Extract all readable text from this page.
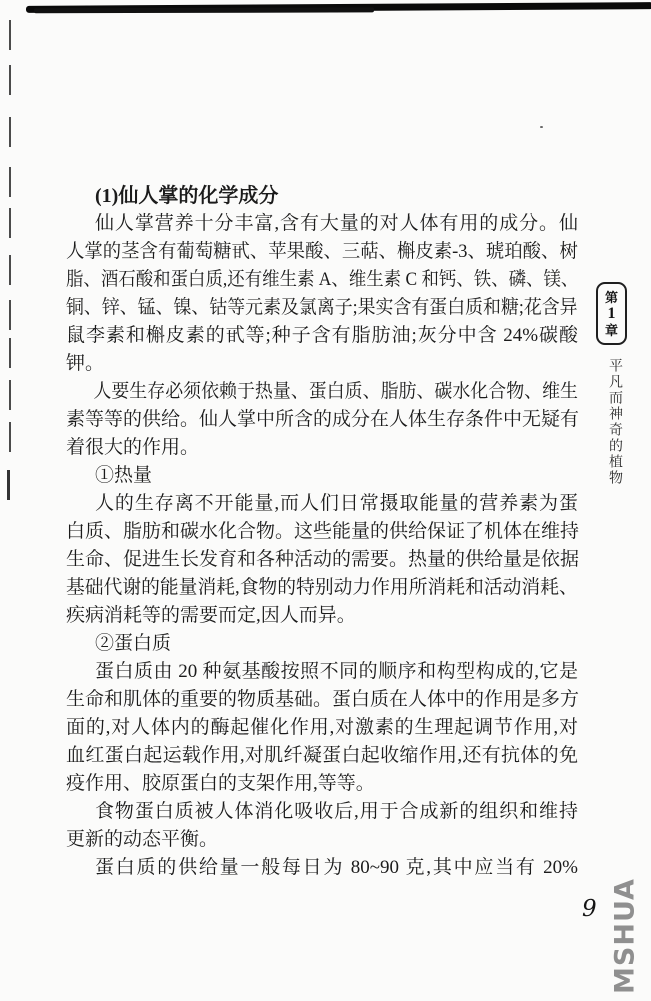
(1)仙人掌的化学成分
仙人掌营养十分丰富,含有大量的对人体有用的成分。仙
人掌的茎含有葡萄糖甙、苹果酸、三萜、槲皮素-3、琥珀酸、树
脂、酒石酸和蛋白质,还有维生素 A、维生素 C 和钙、铁、磷、镁、
铜、锌、锰、镍、钴等元素及氯离子;果实含有蛋白质和糖;花含异
鼠李素和槲皮素的甙等;种子含有脂肪油;灰分中含 24%碳酸
钾。
人要生存必须依赖于热量、蛋白质、脂肪、碳水化合物、维生
素等等的供给。仙人掌中所含的成分在人体生存条件中无疑有
着很大的作用。
①热量
人的生存离不开能量,而人们日常摄取能量的营养素为蛋
白质、脂肪和碳水化合物。这些能量的供给保证了机体在维持
生命、促进生长发育和各种活动的需要。热量的供给量是依据
基础代谢的能量消耗,食物的特别动力作用所消耗和活动消耗、
疾病消耗等的需要而定,因人而异。
②蛋白质
蛋白质由 20 种氨基酸按照不同的顺序和构型构成的,它是
生命和肌体的重要的物质基础。蛋白质在人体中的作用是多方
面的,对人体内的酶起催化作用,对激素的生理起调节作用,对
血红蛋白起运载作用,对肌纤凝蛋白起收缩作用,还有抗体的免
疫作用、胶原蛋白的支架作用,等等。
食物蛋白质被人体消化吸收后,用于合成新的组织和维持
更新的动态平衡。
蛋白质的供给量一般每日为 80~90 克,其中应当有 20%
第
1
章
平凡而神奇的植物
9 MSHUA
